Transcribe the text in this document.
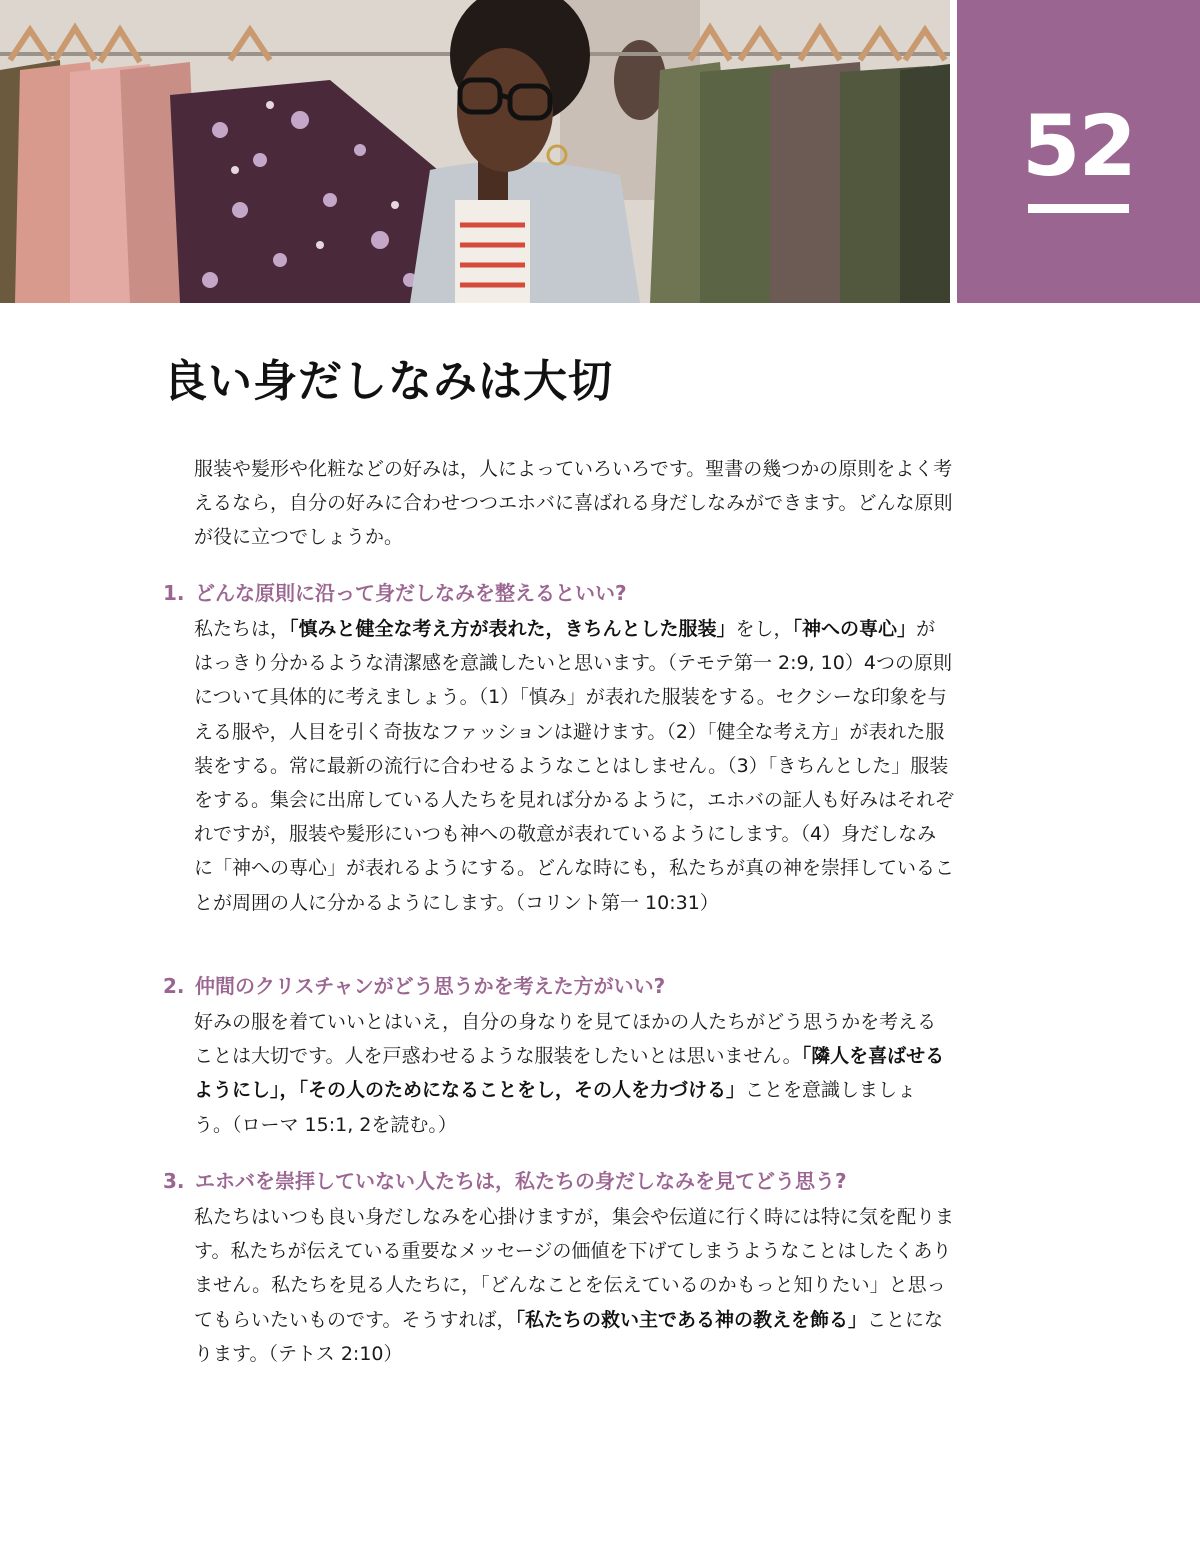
52
良い身だしなみは大切

服装や髪形や化粧などの好みは，人によっていろいろです。聖書の幾つかの原則をよく考えるなら，自分の好みに合わせつつエホバに喜ばれる身だしなみができます。どんな原則が役に立つでしょうか。

1. どんな原則に沿って身だしなみを整えるといい?

私たちは，「慎みと健全な考え方が表れた，きちんとした服装」をし，「神への専心」がはっきり分かるような清潔感を意識したいと思います。（テモテ第一 2:9, 10）4つの原則について具体的に考えましょう。（1）「慎み」が表れた服装をする。セクシーな印象を与える服や，人目を引く奇抜なファッションは避けます。（2）「健全な考え方」が表れた服装をする。常に最新の流行に合わせるようなことはしません。（3）「きちんとした」服装をする。集会に出席している人たちを見れば分かるように，エホバの証人も好みはそれぞれですが，服装や髪形にいつも神への敬意が表れているようにします。（4）身だしなみに「神への専心」が表れるようにする。どんな時にも，私たちが真の神を崇拝していることが周囲の人に分かるようにします。（コリント第一 10:31）

2. 仲間のクリスチャンがどう思うかを考えた方がいい?

好みの服を着ていいとはいえ，自分の身なりを見てほかの人たちがどう思うかを考えることは大切です。人を戸惑わせるような服装をしたいとは思いません。「隣人を喜ばせるようにし」，「その人のためになることをし，その人を力づける」ことを意識しましょう。（ローマ 15:1, 2を読む。）

3. エホバを崇拝していない人たちは，私たちの身だしなみを見てどう思う?

私たちはいつも良い身だしなみを心掛けますが，集会や伝道に行く時には特に気を配ります。私たちが伝えている重要なメッセージの価値を下げてしまうようなことはしたくありません。私たちを見る人たちに，「どんなことを伝えているのかもっと知りたい」と思ってもらいたいものです。そうすれば，「私たちの救い主である神の教えを飾る」ことになります。（テトス 2:10）
